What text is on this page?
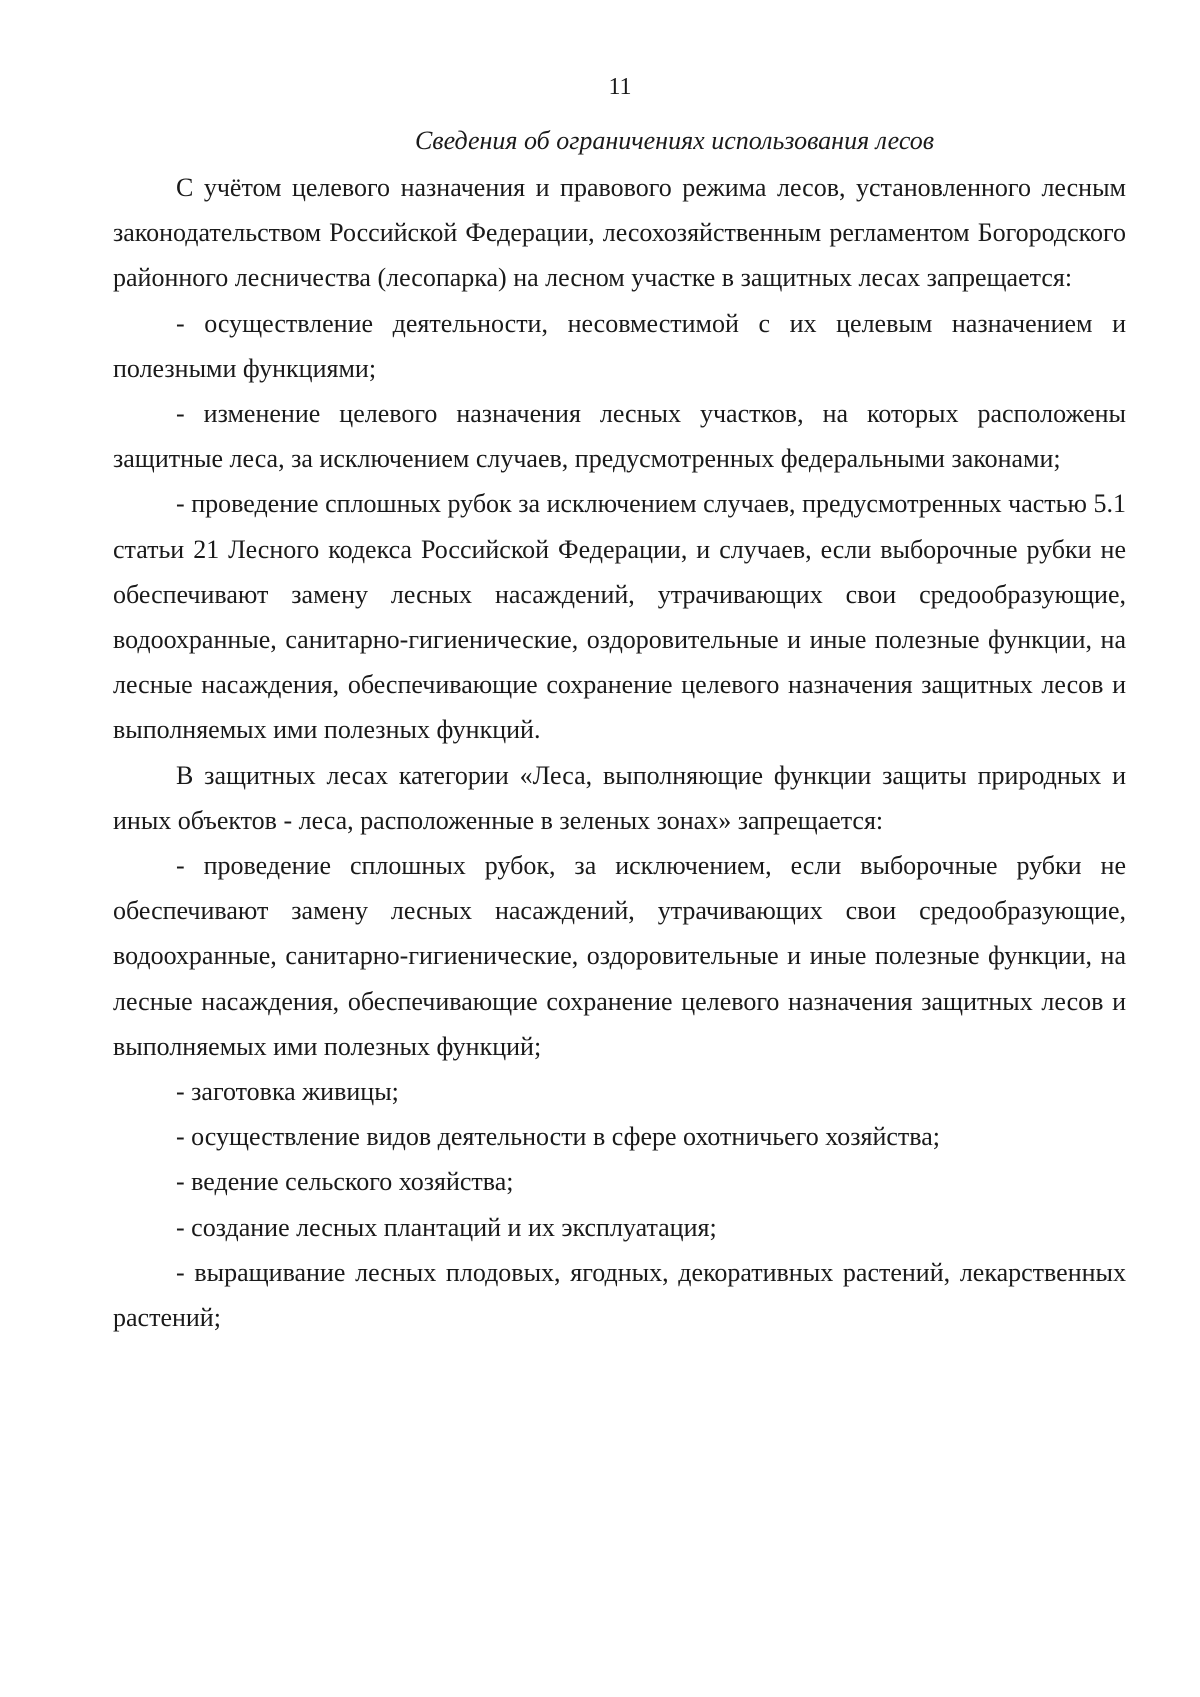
11
Сведения об ограничениях использования лесов

С учётом целевого назначения и правового режима лесов, установленного лесным законодательством Российской Федерации, лесохозяйственным регламентом Богородского районного лесничества (лесопарка) на лесном участке в защитных лесах запрещается:

- осуществление деятельности, несовместимой с их целевым назначением и полезными функциями;

- изменение целевого назначения лесных участков, на которых расположены защитные леса, за исключением случаев, предусмотренных федеральными законами;

- проведение сплошных рубок за исключением случаев, предусмотренных частью 5.1 статьи 21 Лесного кодекса Российской Федерации, и случаев, если выборочные рубки не обеспечивают замену лесных насаждений, утрачивающих свои средообразующие, водоохранные, санитарно-гигиенические, оздоровительные и иные полезные функции, на лесные насаждения, обеспечивающие сохранение целевого назначения защитных лесов и выполняемых ими полезных функций.

В защитных лесах категории «Леса, выполняющие функции защиты природных и иных объектов - леса, расположенные в зеленых зонах» запрещается:

- проведение сплошных рубок, за исключением, если выборочные рубки не обеспечивают замену лесных насаждений, утрачивающих свои средообразующие, водоохранные, санитарно-гигиенические, оздоровительные и иные полезные функции, на лесные насаждения, обеспечивающие сохранение целевого назначения защитных лесов и выполняемых ими полезных функций;

- заготовка живицы;

- осуществление видов деятельности в сфере охотничьего хозяйства;

- ведение сельского хозяйства;

- создание лесных плантаций и их эксплуатация;

- выращивание лесных плодовых, ягодных, декоративных растений, лекарственных растений;
